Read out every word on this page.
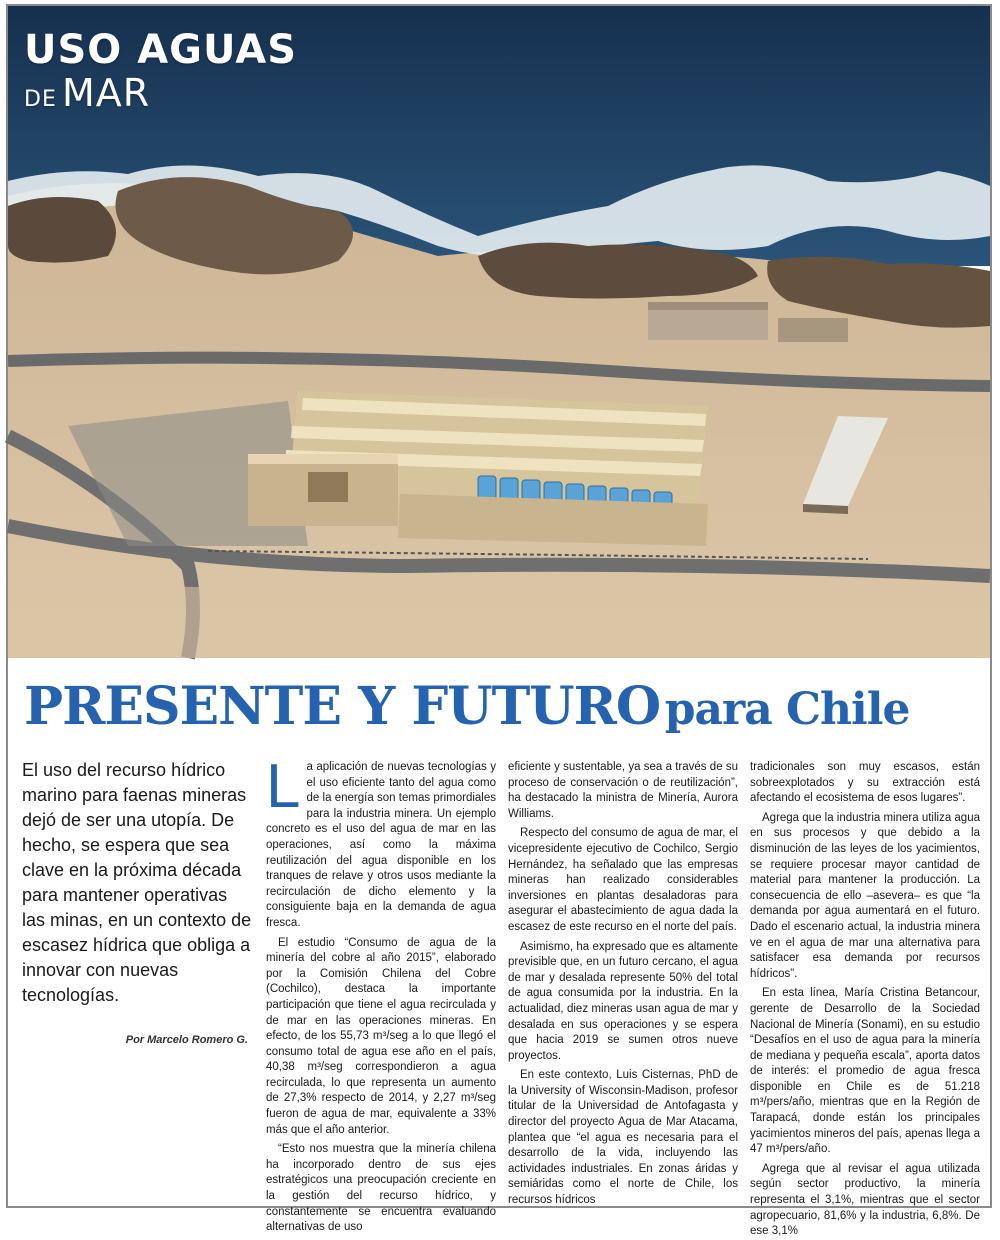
USO AGUAS
DE MAR
PRESENTE Y FUTURO para Chile
El uso del recurso hídrico marino para faenas mineras dejó de ser una utopía. De hecho, se espera que sea clave en la próxima década para mantener operativas las minas, en un contexto de escasez hídrica que obliga a innovar con nuevas tecnologías.
Por Marcelo Romero G.

La aplicación de nuevas tecnologías y el uso eficiente tanto del agua como de la energía son temas primordiales para la industria minera. Un ejemplo concreto es el uso del agua de mar en las operaciones, así como la máxima reutilización del agua disponible en los tranques de relave y otros usos mediante la recirculación de dicho elemento y la consiguiente baja en la demanda de agua fresca.

El estudio “Consumo de agua de la minería del cobre al año 2015”, elaborado por la Comisión Chilena del Cobre (Cochilco), destaca la importante participación que tiene el agua recirculada y de mar en las operaciones mineras. En efecto, de los 55,73 m³/seg a lo que llegó el consumo total de agua ese año en el país, 40,38 m³/seg correspondieron a agua recirculada, lo que representa un aumento de 27,3% respecto de 2014, y 2,27 m³/seg fueron de agua de mar, equivalente a 33% más que el año anterior.

“Esto nos muestra que la minería chilena ha incorporado dentro de sus ejes estratégicos una preocupación creciente en la gestión del recurso hídrico, y constantemente se encuentra evaluando alternativas de uso

eficiente y sustentable, ya sea a través de su proceso de conservación o de reutilización”, ha destacado la ministra de Minería, Aurora Williams.

Respecto del consumo de agua de mar, el vicepresidente ejecutivo de Cochilco, Sergio Hernández, ha señalado que las empresas mineras han realizado considerables inversiones en plantas desaladoras para asegurar el abastecimiento de agua dada la escasez de este recurso en el norte del país.

Asimismo, ha expresado que es altamente previsible que, en un futuro cercano, el agua de mar y desalada represente 50% del total de agua consumida por la industria. En la actualidad, diez mineras usan agua de mar y desalada en sus operaciones y se espera que hacia 2019 se sumen otros nueve proyectos.

En este contexto, Luis Cisternas, PhD de la University of Wisconsin-Madison, profesor titular de la Universidad de Antofagasta y director del proyecto Agua de Mar Atacama, plantea que “el agua es necesaria para el desarrollo de la vida, incluyendo las actividades industriales. En zonas áridas y semiáridas como el norte de Chile, los recursos hídricos

tradicionales son muy escasos, están sobreexplotados y su extracción está afectando el ecosistema de esos lugares”.

Agrega que la industria minera utiliza agua en sus procesos y que debido a la disminución de las leyes de los yacimientos, se requiere procesar mayor cantidad de material para mantener la producción. La consecuencia de ello –asevera– es que “la demanda por agua aumentará en el futuro. Dado el escenario actual, la industria minera ve en el agua de mar una alternativa para satisfacer esa demanda por recursos hídricos”.

En esta línea, María Cristina Betancour, gerente de Desarrollo de la Sociedad Nacional de Minería (Sonami), en su estudio “Desafíos en el uso de agua para la minería de mediana y pequeña escala”, aporta datos de interés: el promedio de agua fresca disponible en Chile es de 51.218 m³/pers/año, mientras que en la Región de Tarapacá, donde están los principales yacimientos mineros del país, apenas llega a 47 m³/pers/año.

Agrega que al revisar el agua utilizada según sector productivo, la minería representa el 3,1%, mientras que el sector agropecuario, 81,6% y la industria, 6,8%. De ese 3,1%
